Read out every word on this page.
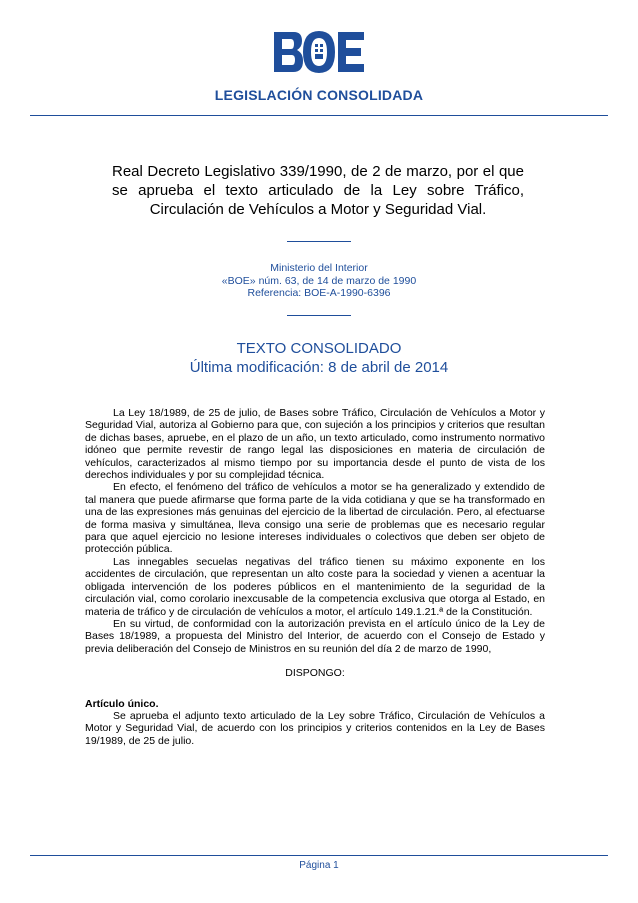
LEGISLACIÓN CONSOLIDADA
Real Decreto Legislativo 339/1990, de 2 de marzo, por el que se aprueba el texto articulado de la Ley sobre Tráfico, Circulación de Vehículos a Motor y Seguridad Vial.
Ministerio del Interior
«BOE» núm. 63, de 14 de marzo de 1990
Referencia: BOE-A-1990-6396
TEXTO CONSOLIDADO
Última modificación: 8 de abril de 2014

La Ley 18/1989, de 25 de julio, de Bases sobre Tráfico, Circulación de Vehículos a Motor y Seguridad Vial, autoriza al Gobierno para que, con sujeción a los principios y criterios que resultan de dichas bases, apruebe, en el plazo de un año, un texto articulado, como instrumento normativo idóneo que permite revestir de rango legal las disposiciones en materia de circulación de vehículos, caracterizados al mismo tiempo por su importancia desde el punto de vista de los derechos individuales y por su complejidad técnica.

En efecto, el fenómeno del tráfico de vehículos a motor se ha generalizado y extendido de tal manera que puede afirmarse que forma parte de la vida cotidiana y que se ha transformado en una de las expresiones más genuinas del ejercicio de la libertad de circulación. Pero, al efectuarse de forma masiva y simultánea, lleva consigo una serie de problemas que es necesario regular para que aquel ejercicio no lesione intereses individuales o colectivos que deben ser objeto de protección pública.

Las innegables secuelas negativas del tráfico tienen su máximo exponente en los accidentes de circulación, que representan un alto coste para la sociedad y vienen a acentuar la obligada intervención de los poderes públicos en el mantenimiento de la seguridad de la circulación vial, como corolario inexcusable de la competencia exclusiva que otorga al Estado, en materia de tráfico y de circulación de vehículos a motor, el artículo 149.1.21.ª de la Constitución.

En su virtud, de conformidad con la autorización prevista en el artículo único de la Ley de Bases 18/1989, a propuesta del Ministro del Interior, de acuerdo con el Consejo de Estado y previa deliberación del Consejo de Ministros en su reunión del día 2 de marzo de 1990,

DISPONGO:

Artículo único.

Se aprueba el adjunto texto articulado de la Ley sobre Tráfico, Circulación de Vehículos a Motor y Seguridad Vial, de acuerdo con los principios y criterios contenidos en la Ley de Bases 19/1989, de 25 de julio.

Página 1
